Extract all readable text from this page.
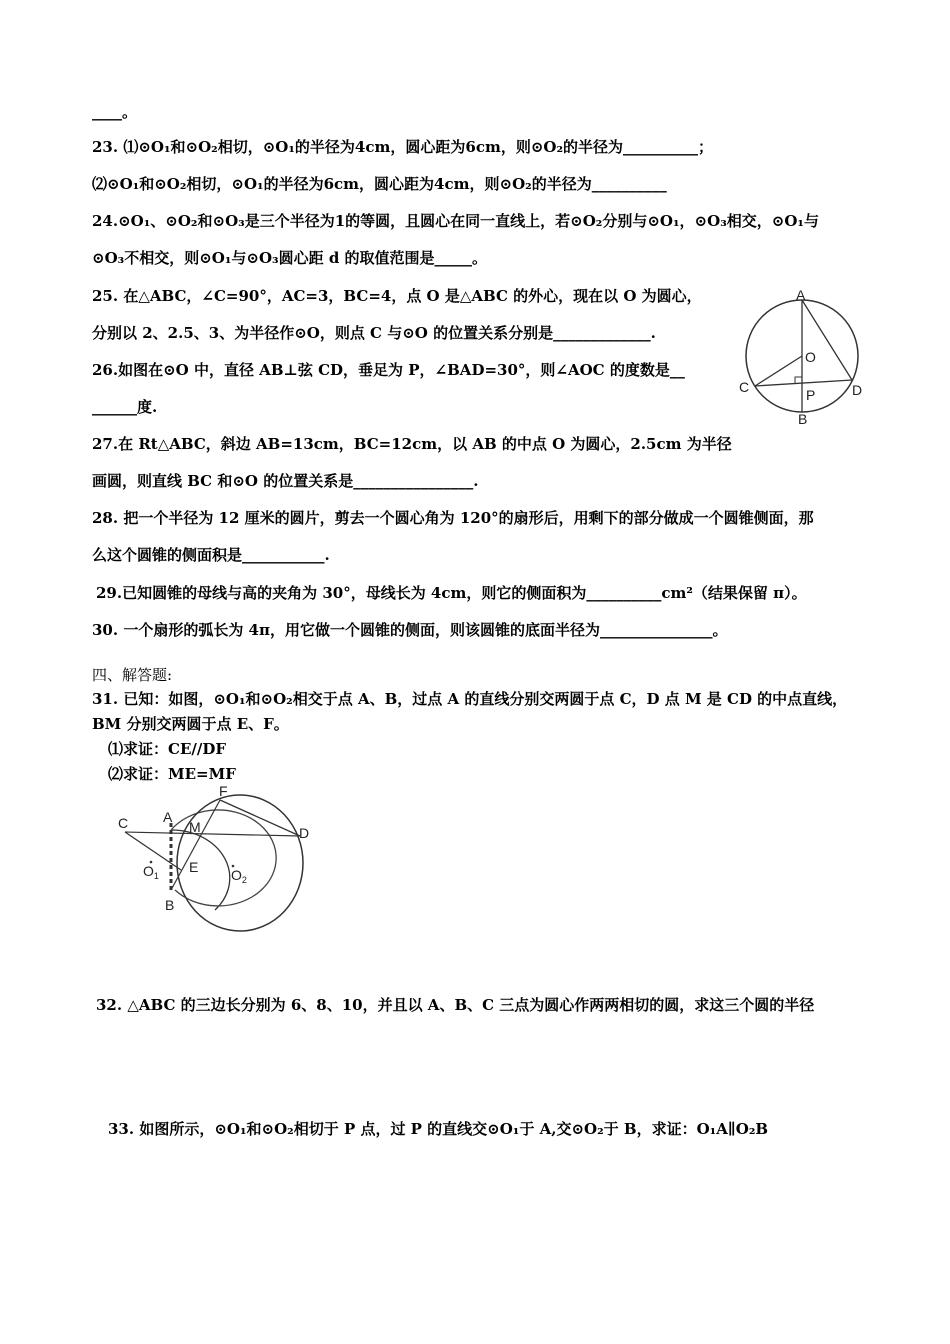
____。
23. ⑴⊙O₁和⊙O₂相切，⊙O₁的半径为4cm，圆心距为6cm，则⊙O₂的半径为__________；
⑵⊙O₁和⊙O₂相切，⊙O₁的半径为6cm，圆心距为4cm，则⊙O₂的半径为__________
24.⊙O₁、⊙O₂和⊙O₃是三个半径为1的等圆，且圆心在同一直线上，若⊙O₂分别与⊙O₁，⊙O₃相交，⊙O₁与
⊙O₃不相交，则⊙O₁与⊙O₃圆心距 d 的取值范围是_____。
25. 在△ABC，∠C=90°，AC=3，BC=4，点 O 是△ABC 的外心，现在以 O 为圆心，
分别以 2、2.5、3、为半径作⊙O，则点 C 与⊙O 的位置关系分别是_____________.
26.如图在⊙O 中，直径 AB⊥弦 CD，垂足为 P，∠BAD=30°，则∠AOC 的度数是__
______度.
27.在 Rt△ABC，斜边 AB=13cm，BC=12cm，以 AB 的中点 O 为圆心，2.5cm 为半径
画圆，则直线 BC 和⊙O 的位置关系是________________.
28. 把一个半径为 12 厘米的圆片，剪去一个圆心角为 120°的扇形后，用剩下的部分做成一个圆锥侧面，那
么这个圆锥的侧面积是___________.
29.已知圆锥的母线与高的夹角为 30°，母线长为 4cm，则它的侧面积为__________cm²（结果保留 π）。
30. 一个扇形的弧长为 4π，用它做一个圆锥的侧面，则该圆锥的底面半径为_______________。
四、解答题:
31. 已知：如图，⊙O₁和⊙O₂相交于点 A、B，过点 A 的直线分别交两圆于点 C，D 点 M 是 CD 的中点直线，
BM 分别交两圆于点 E、F。
⑴求证：CE//DF
⑵求证：ME=MF
32. △ABC 的三边长分别为 6、8、10，并且以 A、B、C 三点为圆心作两两相切的圆，求这三个圆的半径
33. 如图所示，⊙O₁和⊙O₂相切于 P 点，过 P 的直线交⊙O₁于 A,交⊙O₂于 B，求证：O₁A∥O₂B
A
B
C	D
O
P
C A
M
F
D
$O_1$
E $O_2$
B
